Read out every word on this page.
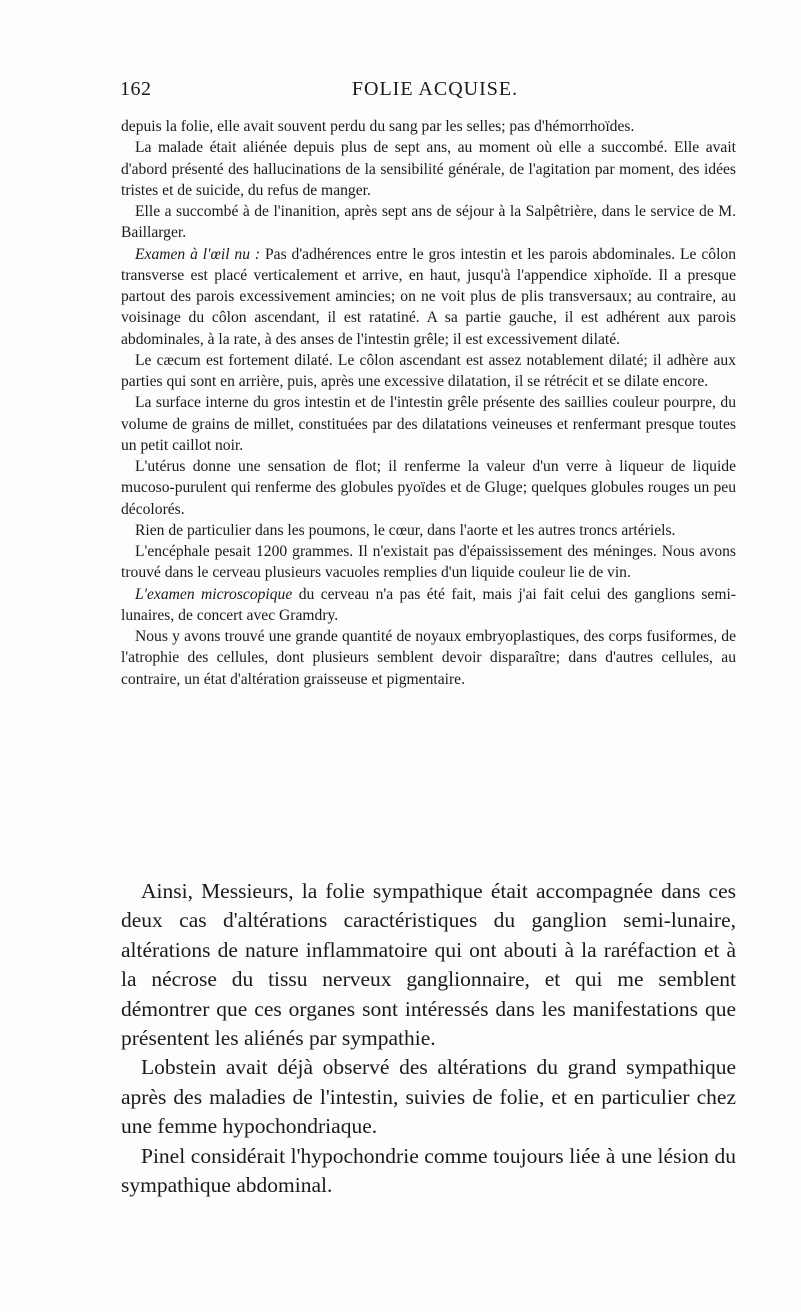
162	FOLIE ACQUISE.

depuis la folie, elle avait souvent perdu du sang par les selles; pas d'hémorrhoïdes.

La malade était aliénée depuis plus de sept ans, au moment où elle a succombé. Elle avait d'abord présenté des hallucinations de la sensibilité générale, de l'agitation par moment, des idées tristes et de suicide, du refus de manger.

Elle a succombé à de l'inanition, après sept ans de séjour à la Salpêtrière, dans le service de M. Baillarger.

Examen à l'œil nu : Pas d'adhérences entre le gros intestin et les parois abdominales. Le côlon transverse est placé verticalement et arrive, en haut, jusqu'à l'appendice xiphoïde. Il a presque partout des parois excessivement amincies; on ne voit plus de plis transversaux; au contraire, au voisinage du côlon ascendant, il est ratatiné. A sa partie gauche, il est adhérent aux parois abdominales, à la rate, à des anses de l'intestin grêle; il est excessivement dilaté.

Le cæcum est fortement dilaté. Le côlon ascendant est assez notablement dilaté; il adhère aux parties qui sont en arrière, puis, après une excessive dilatation, il se rétrécit et se dilate encore.

La surface interne du gros intestin et de l'intestin grêle présente des saillies couleur pourpre, du volume de grains de millet, constituées par des dilatations veineuses et renfermant presque toutes un petit caillot noir.

L'utérus donne une sensation de flot; il renferme la valeur d'un verre à liqueur de liquide mucoso-purulent qui renferme des globules pyoïdes et de Gluge; quelques globules rouges un peu décolorés.

Rien de particulier dans les poumons, le cœur, dans l'aorte et les autres troncs artériels.

L'encéphale pesait 1200 grammes. Il n'existait pas d'épaississement des méninges. Nous avons trouvé dans le cerveau plusieurs vacuoles remplies d'un liquide couleur lie de vin.

L'examen microscopique du cerveau n'a pas été fait, mais j'ai fait celui des ganglions semi-lunaires, de concert avec Gramdry.

Nous y avons trouvé une grande quantité de noyaux embryoplastiques, des corps fusiformes, de l'atrophie des cellules, dont plusieurs semblent devoir disparaître; dans d'autres cellules, au contraire, un état d'altération graisseuse et pigmentaire.

Ainsi, Messieurs, la folie sympathique était accompagnée dans ces deux cas d'altérations caractéristiques du ganglion semi-lunaire, altérations de nature inflammatoire qui ont abouti à la raréfaction et à la nécrose du tissu nerveux ganglionnaire, et qui me semblent démontrer que ces organes sont intéressés dans les manifestations que présentent les aliénés par sympathie.

Lobstein avait déjà observé des altérations du grand sympathique après des maladies de l'intestin, suivies de folie, et en particulier chez une femme hypochondriaque.

Pinel considérait l'hypochondrie comme toujours liée à une lésion du sympathique abdominal.
